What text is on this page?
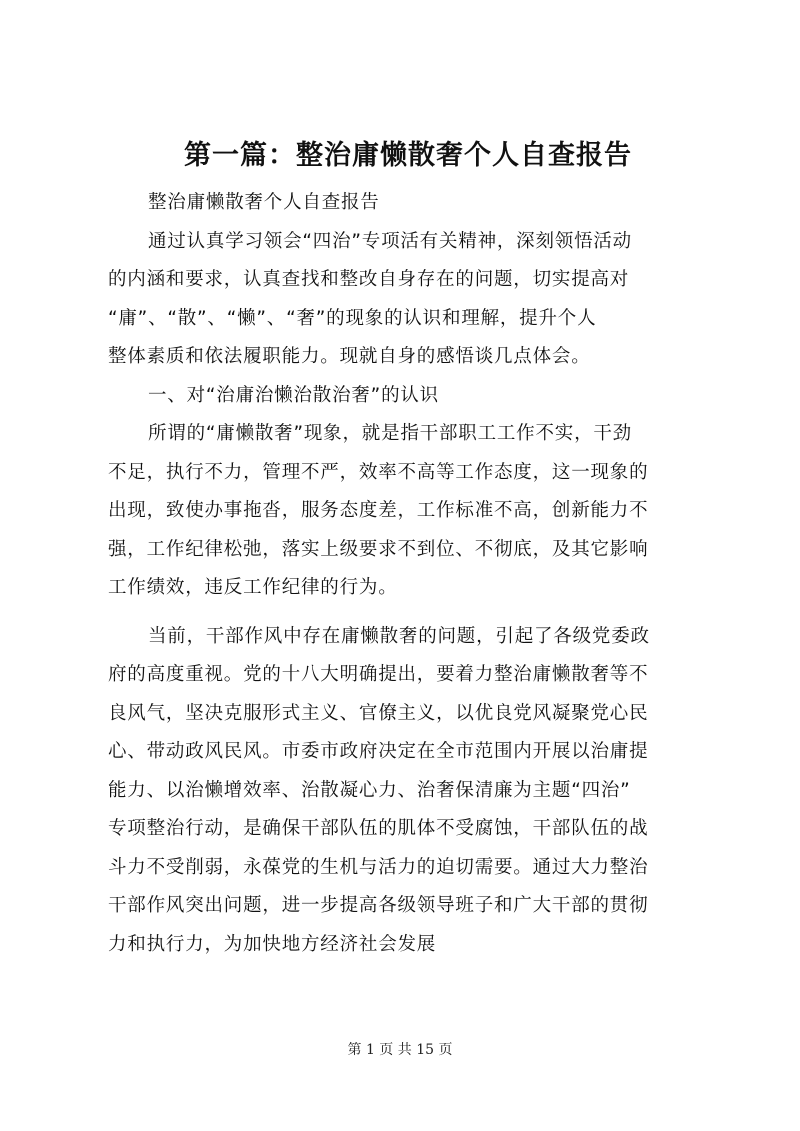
第一篇：整治庸懒散奢个人自查报告
整治庸懒散奢个人自查报告
通过认真学习领会“四治”专项活有关精神，深刻领悟活动
的内涵和要求，认真查找和整改自身存在的问题，切实提高对
“庸”、“散”、“懒”、“奢”的现象的认识和理解，提升个人
整体素质和依法履职能力。现就自身的感悟谈几点体会。
一、对“治庸治懒治散治奢”的认识
所谓的“庸懒散奢”现象，就是指干部职工工作不实，干劲
不足，执行不力，管理不严，效率不高等工作态度，这一现象的
出现，致使办事拖沓，服务态度差，工作标准不高，创新能力不
强，工作纪律松弛，落实上级要求不到位、不彻底，及其它影响
工作绩效，违反工作纪律的行为。
当前，干部作风中存在庸懒散奢的问题，引起了各级党委政
府的高度重视。党的十八大明确提出，要着力整治庸懒散奢等不
良风气，坚决克服形式主义、官僚主义，以优良党风凝聚党心民
心、带动政风民风。市委市政府决定在全市范围内开展以治庸提
能力、以治懒增效率、治散凝心力、治奢保清廉为主题“四治”
专项整治行动，是确保干部队伍的肌体不受腐蚀，干部队伍的战
斗力不受削弱，永葆党的生机与活力的迫切需要。通过大力整治
干部作风突出问题，进一步提高各级领导班子和广大干部的贯彻
力和执行力，为加快地方经济社会发展
第 1 页 共 15 页
